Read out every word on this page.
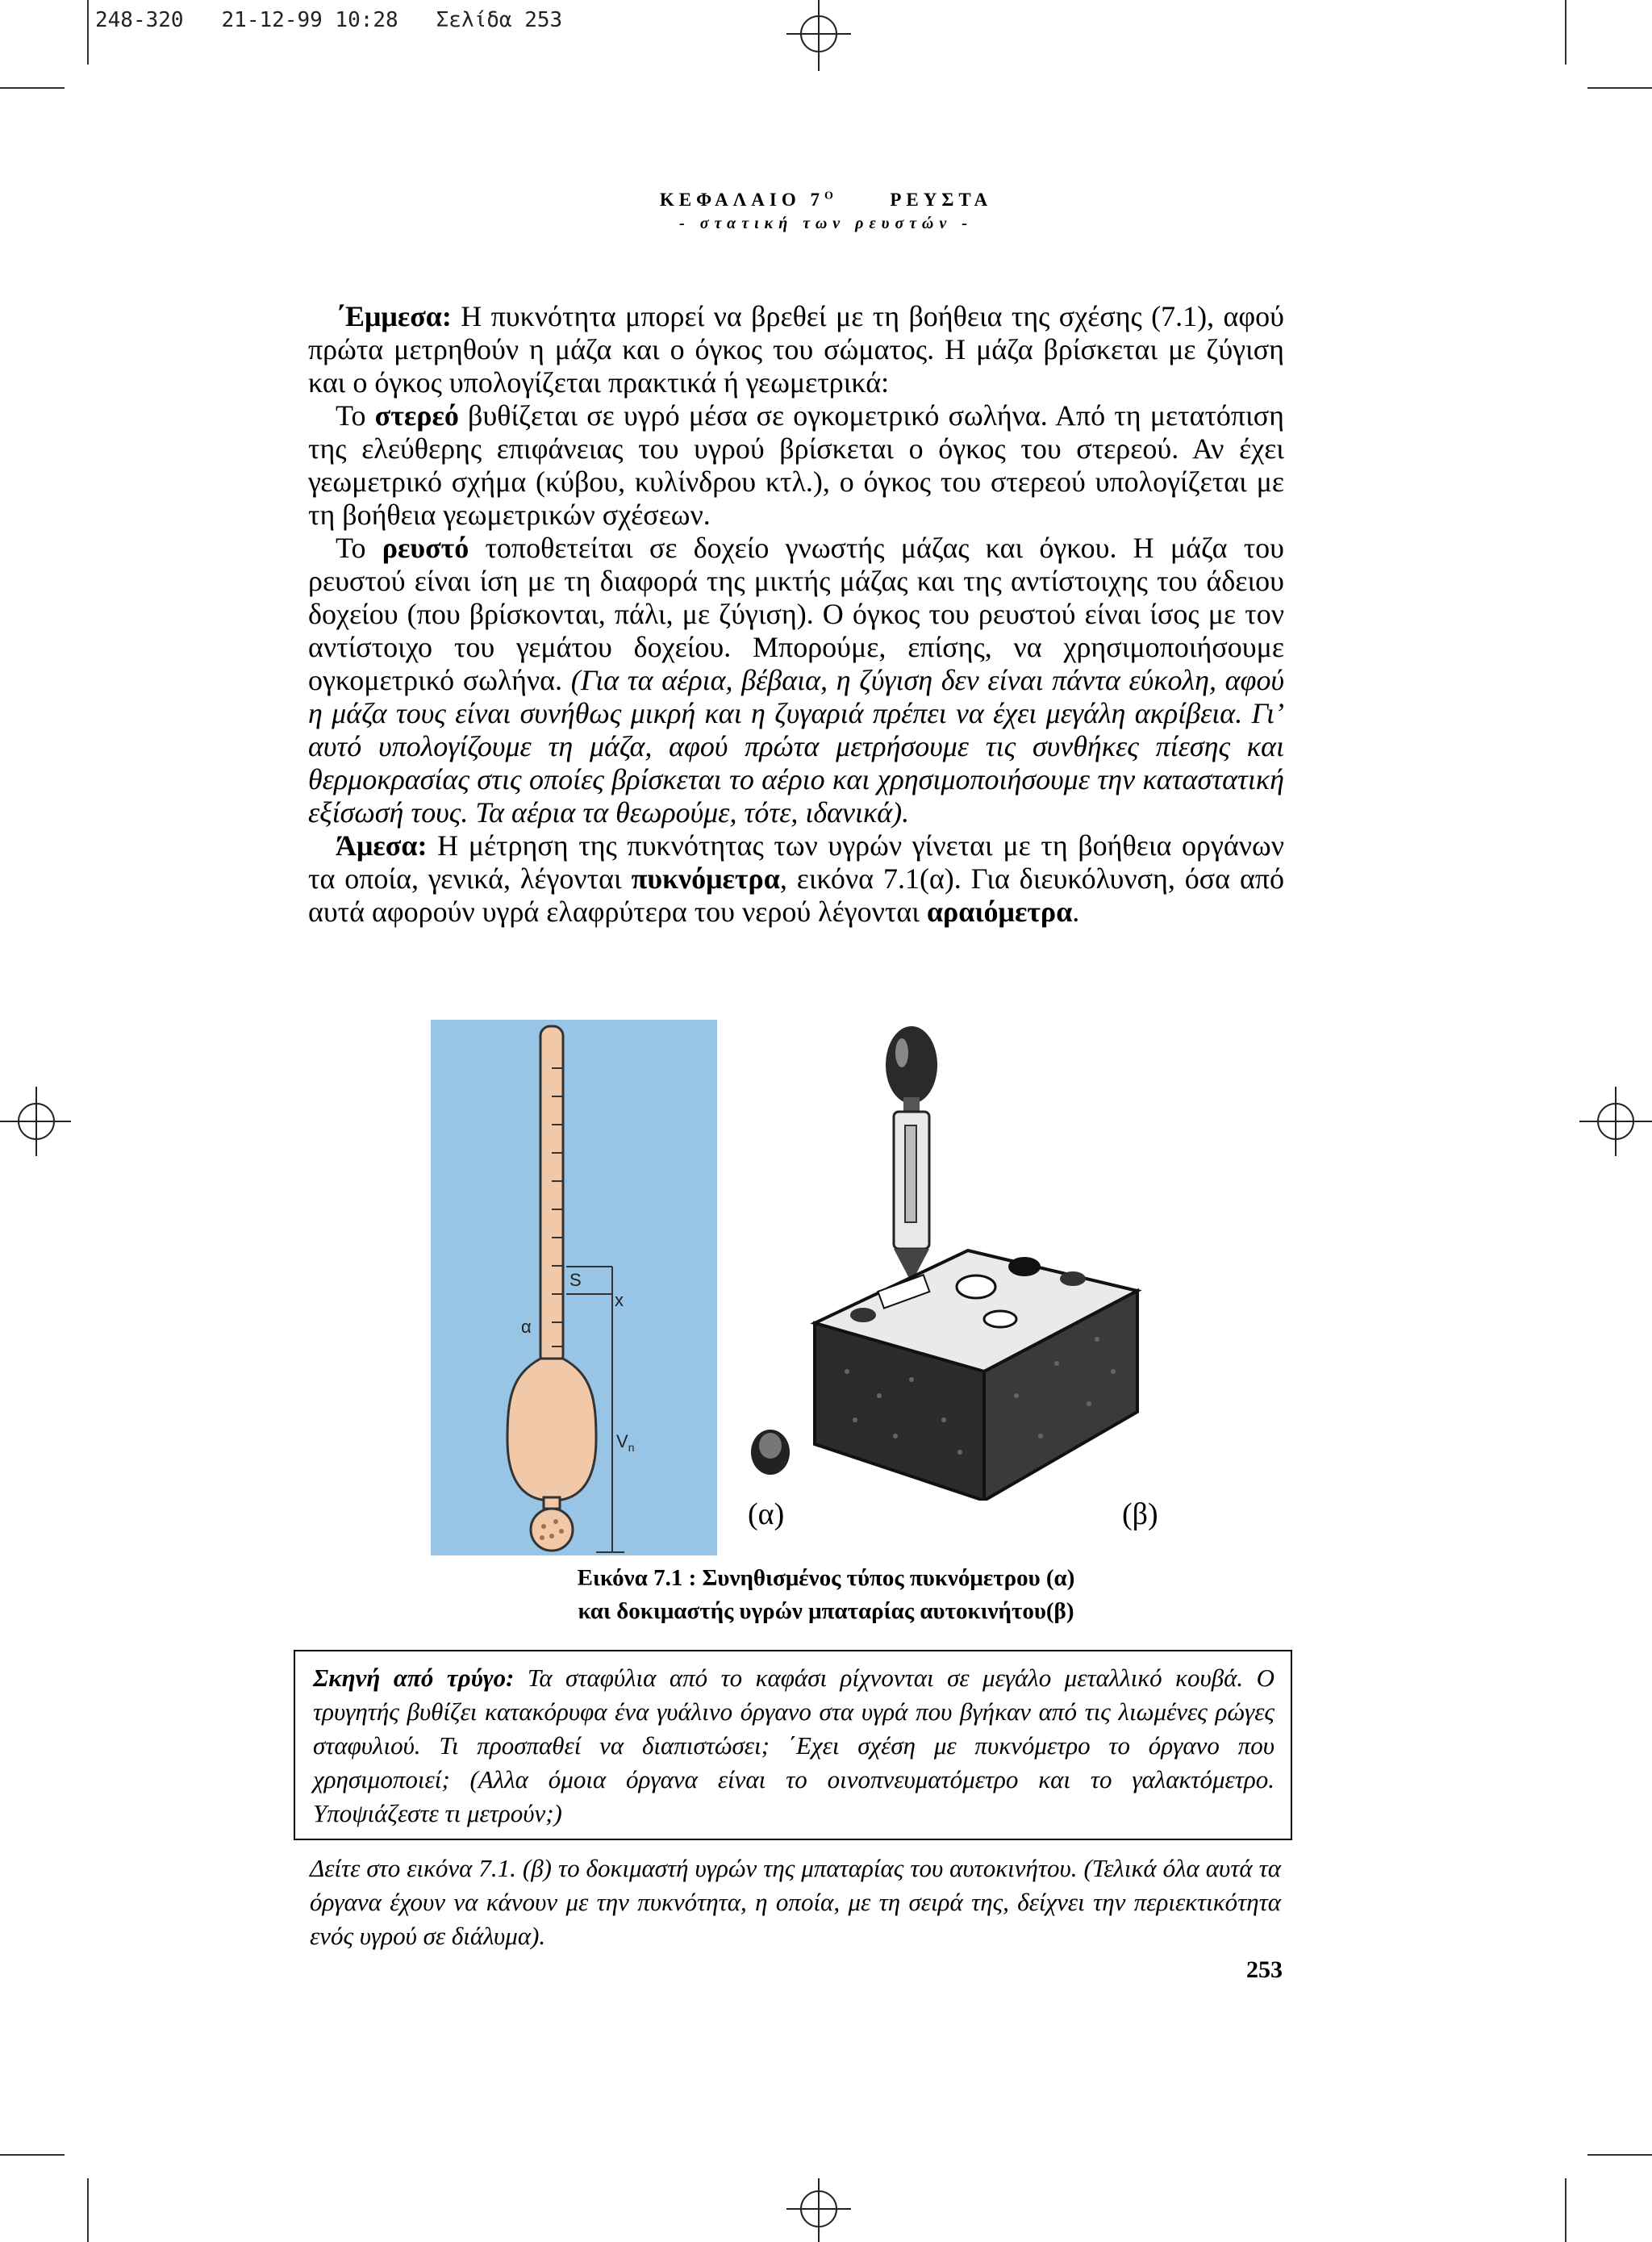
248-320   21-12-99 10:28   Σελίδα 253
ΚΕΦΑΛΑΙΟ $7^O$	ΡΕΥΣΤΑ
- στατική των ρευστών -

΄Εμμεσα: Η πυκνότητα μπορεί να βρεθεί με τη βοήθεια της σχέσης (7.1), αφού πρώτα μετρηθούν η μάζα και ο όγκος του σώματος. Η μάζα βρίσκεται με ζύγιση και ο όγκος υπολογίζεται πρακτικά ή γεωμετρικά:

Το στερεό βυθίζεται σε υγρό μέσα σε ογκομετρικό σωλήνα. Από τη μετατόπιση της ελεύθερης επιφάνειας του υγρού βρίσκεται ο όγκος του στερεού. Αν έχει γεωμετρικό σχήμα (κύβου, κυλίνδρου κτλ.), ο όγκος του στερεού υπολογίζεται με τη βοήθεια γεωμετρικών σχέσεων.

Το ρευστό τοποθετείται σε δοχείο γνωστής μάζας και όγκου. Η μάζα του ρευστού είναι ίση με τη διαφορά της μικτής μάζας και της αντίστοιχης του άδειου δοχείου (που βρίσκονται, πάλι, με ζύγιση). Ο όγκος του ρευστού είναι ίσος με τον αντίστοιχο του γεμάτου δοχείου. Μπορούμε, επίσης, να χρησιμοποιήσουμε ογκομετρικό σωλήνα. (Για τα αέρια, βέβαια, η ζύγιση δεν είναι πάντα εύκολη, αφού η μάζα τους είναι συνήθως μικρή και η ζυγαριά πρέπει να έχει μεγάλη ακρίβεια. Γι’ αυτό υπολογίζουμε τη μάζα, αφού πρώτα μετρήσουμε τις συνθήκες πίεσης και θερμοκρασίας στις οποίες βρίσκεται το αέριο και χρησιμοποιήσουμε την καταστατική εξίσωσή τους. Τα αέρια τα θεωρούμε, τότε, ιδανικά).

Άμεσα: Η μέτρηση της πυκνότητας των υγρών γίνεται με τη βοήθεια οργάνων τα οποία, γενικά, λέγονται πυκνόμετρα, εικόνα 7.1(α). Για διευκόλυνση, όσα από αυτά αφορούν υγρά ελαφρύτερα του νερού λέγονται αραιόμετρα.

S
x
α
$V_n$
(α)	(β)
Εικόνα 7.1 : Συνηθισμένος τύπος πυκνόμετρου (α)
και δοκιμαστής υγρών μπαταρίας αυτοκινήτου(β)
Σκηνή από τρύγο: Τα σταφύλια από το καφάσι ρίχνονται σε μεγάλο μεταλλικό κουβά. Ο τρυγητής βυθίζει κατακόρυφα ένα γυάλινο όργανο στα υγρά που βγήκαν από τις λιωμένες ρώγες σταφυλιού. Τι προσπαθεί να διαπιστώσει; ΄Εχει σχέση με πυκνόμετρο το όργανο που χρησιμοποιεί; (Αλλα όμοια όργανα είναι το οινοπνευματόμετρο και το γαλακτόμετρο. Υποψιάζεστε τι μετρούν;)
Δείτε στο εικόνα 7.1. (β) το δοκιμαστή υγρών της μπαταρίας του αυτοκινήτου. (Τελικά όλα αυτά τα όργανα έχουν να κάνουν με την πυκνότητα, η οποία, με τη σειρά της, δείχνει την περιεκτικότητα ενός υγρού σε διάλυμα).
253
